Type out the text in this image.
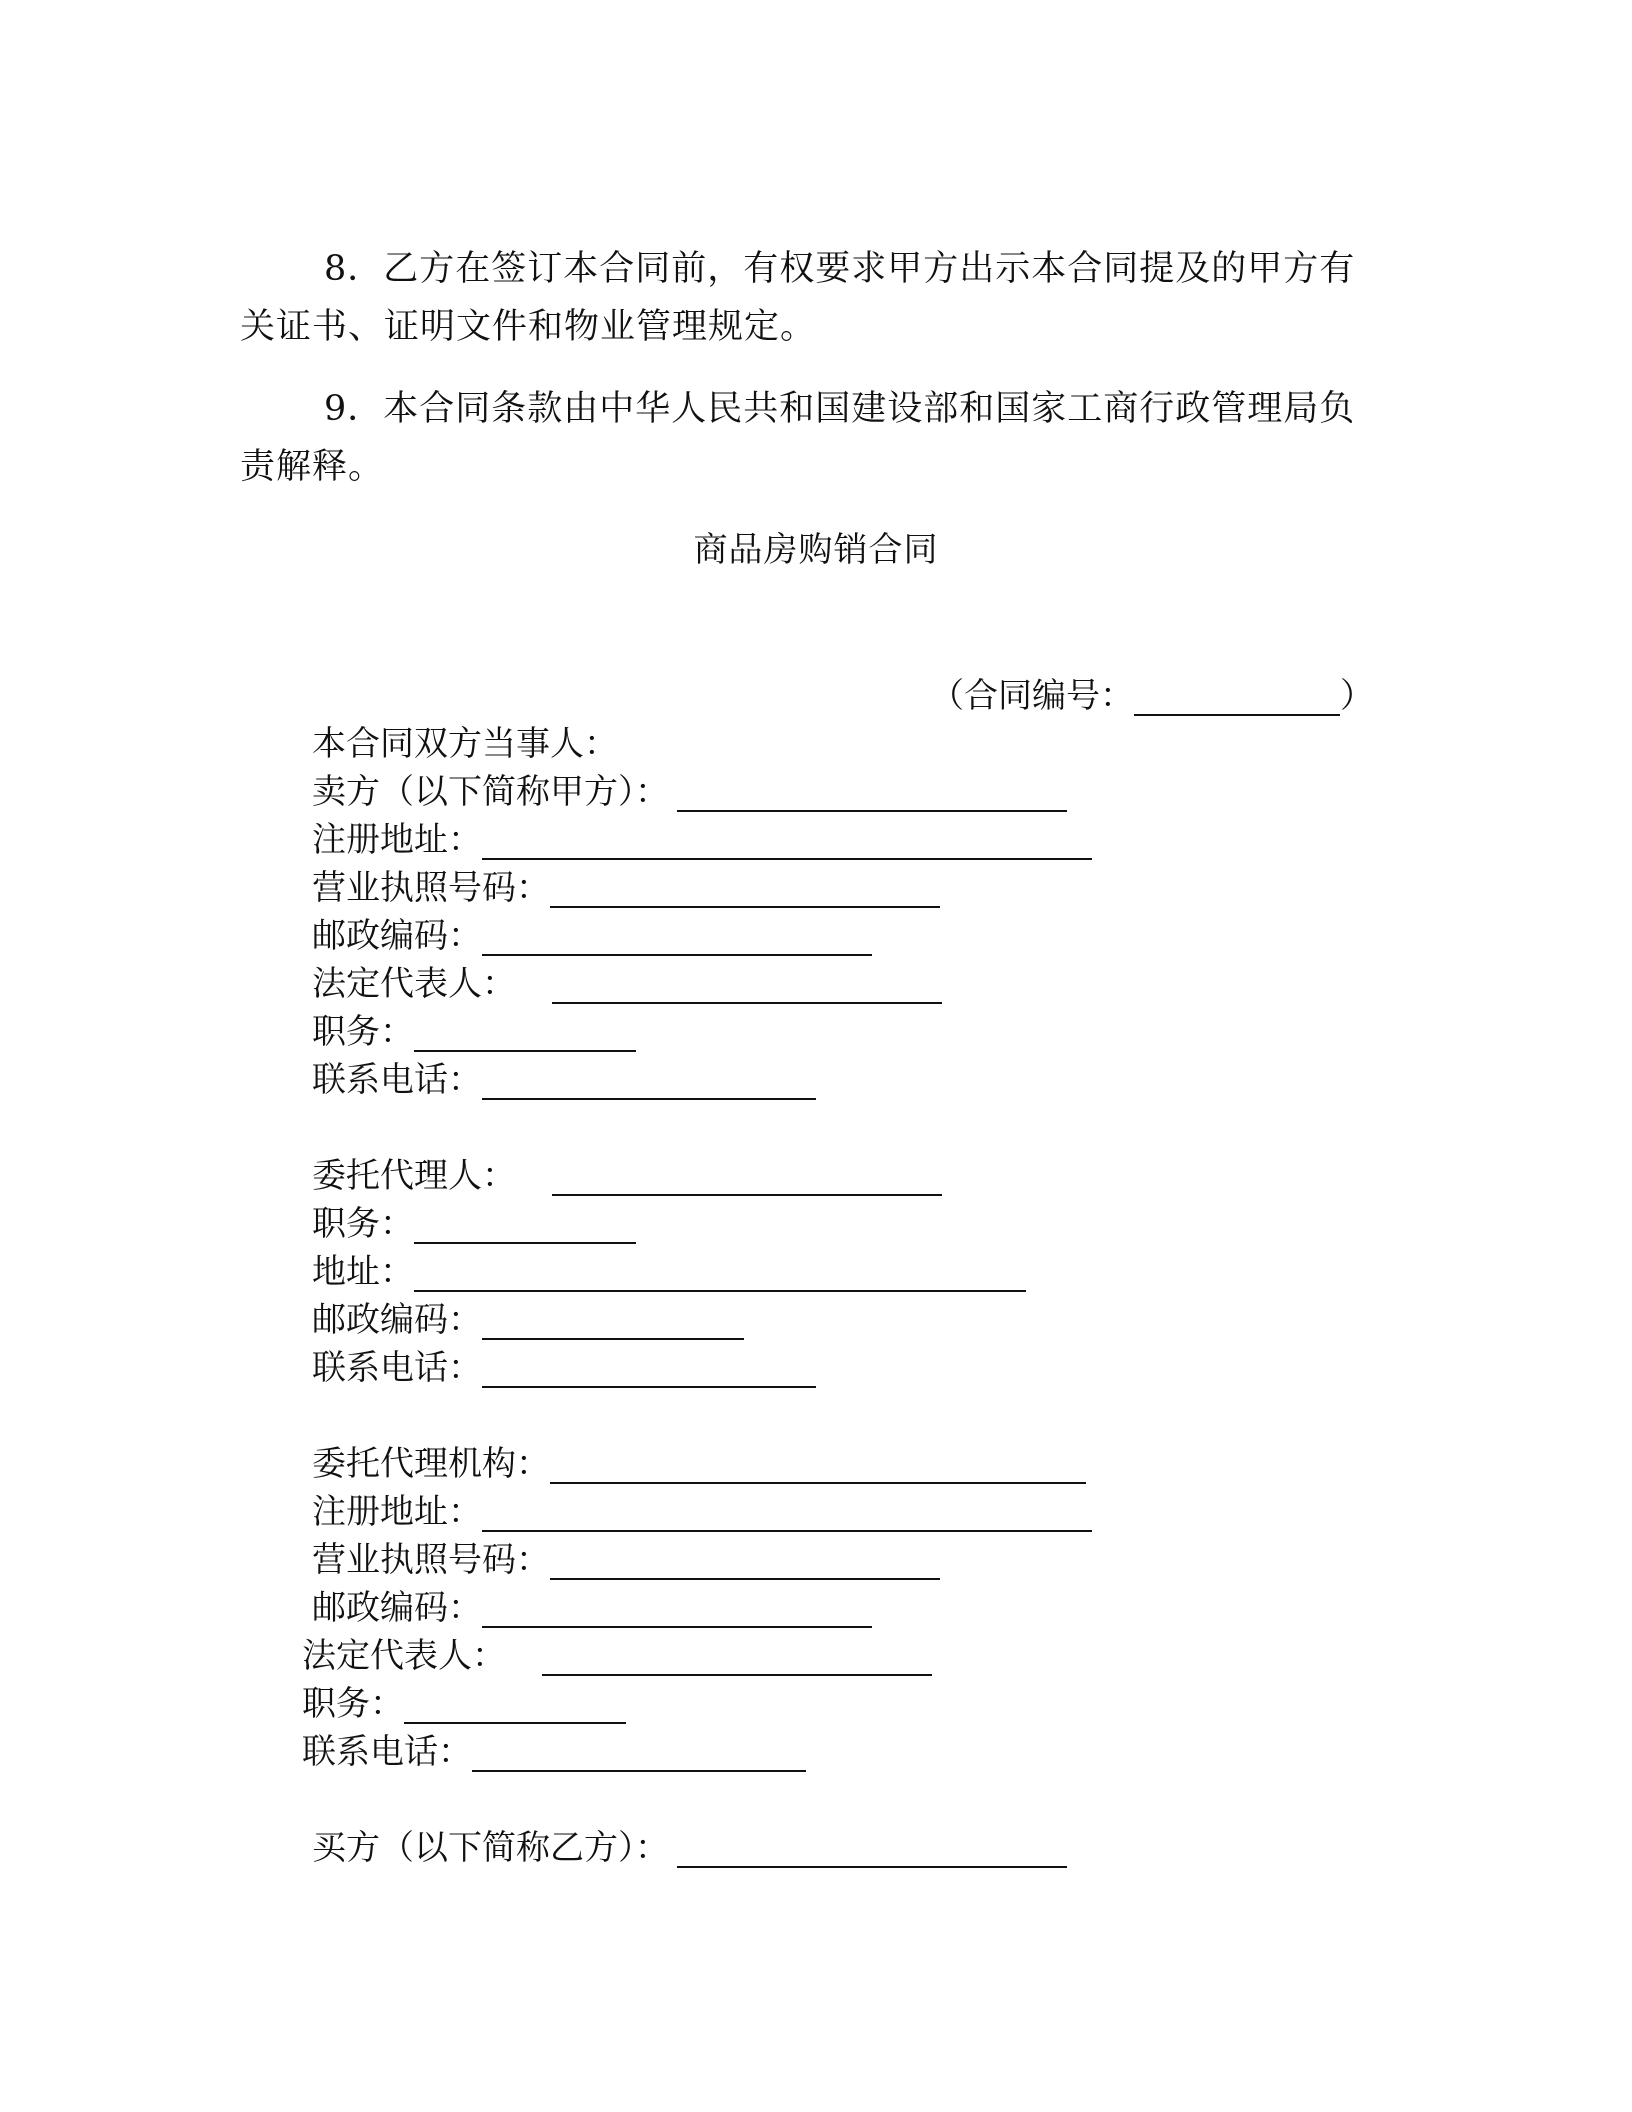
8．乙方在签订本合同前，有权要求甲方出示本合同提及的甲方有关证书、证明文件和物业管理规定。

9．本合同条款由中华人民共和国建设部和国家工商行政管理局负责解释。

商品房购销合同
（合同编号：	）
本合同双方当事人：
卖方（以下简称甲方）：
注册地址：
营业执照号码：
邮政编码：
法定代表人：
职务：
联系电话：
委托代理人：
职务：
地址：
邮政编码：
联系电话：
委托代理机构：
注册地址：
营业执照号码：
邮政编码：
法定代表人：
职务：
联系电话：
买方（以下简称乙方）：
